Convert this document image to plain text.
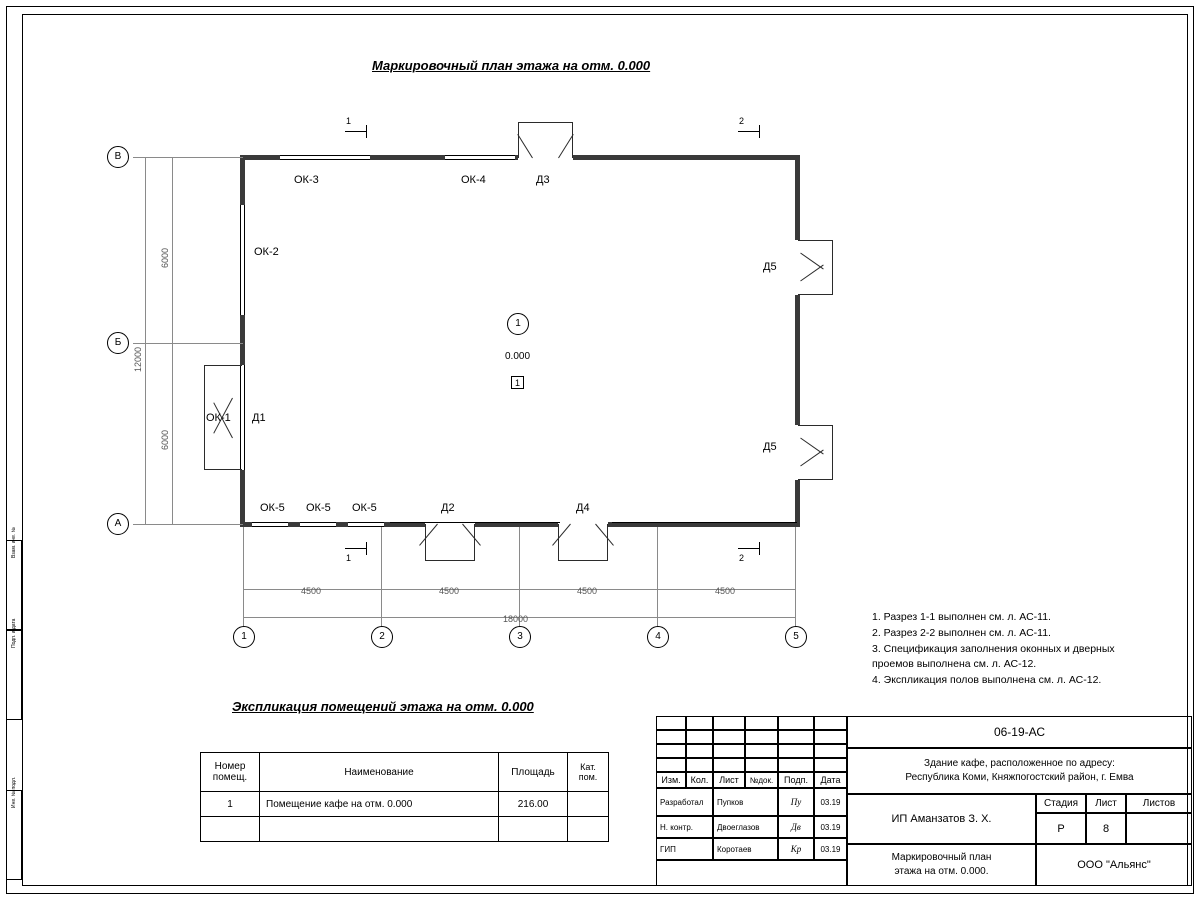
Взам. инв. №
Подп. и дата
Инв. № подл.
Маркировочный план этажа на отм. 0.000
ОК-3	ОК-4
ОК-2
ОК-1
ОК-5 ОК-5 ОК-5
Д3
Д5
Д5
Д1
Д2	Д4
1
0.000
1
1	2
1	2
В
Б
А
6000
6000
12000
4500	4500	4500	4500
18000
1	2	3	4	5
1. Разрез 1-1 выполнен см. л. АС-11.
2. Разрез 2-2 выполнен см. л. АС-11.
3. Спецификация заполнения оконных и дверных
проемов выполнена см. л. АС-12.
4. Экспликация полов выполнена см. л. АС-12.
Экспликация помещений этажа на отм. 0.000
Номер помещ.	Наименование	Площадь	Кат. пом.
1	Помещение кафе на отм. 0.000	216.00	

Изм.	Кол.	Лист	№док.	Подп.	Дата
Разработал	Пупков	Пу	03.19
Н. контр.	Двоеглазов	Дв	03.19
ГИП	Коротаев	Кр	03.19
06-19-АС
Здание кафе, расположенное по адресу:
Республика Коми, Княжпогостский район, г. Емва
ИП Аманзатов З. Х.
Стадия	Лист	Листов
Р	8
Маркировочный план
этажа на отм. 0.000.
ООО "Альянс"
